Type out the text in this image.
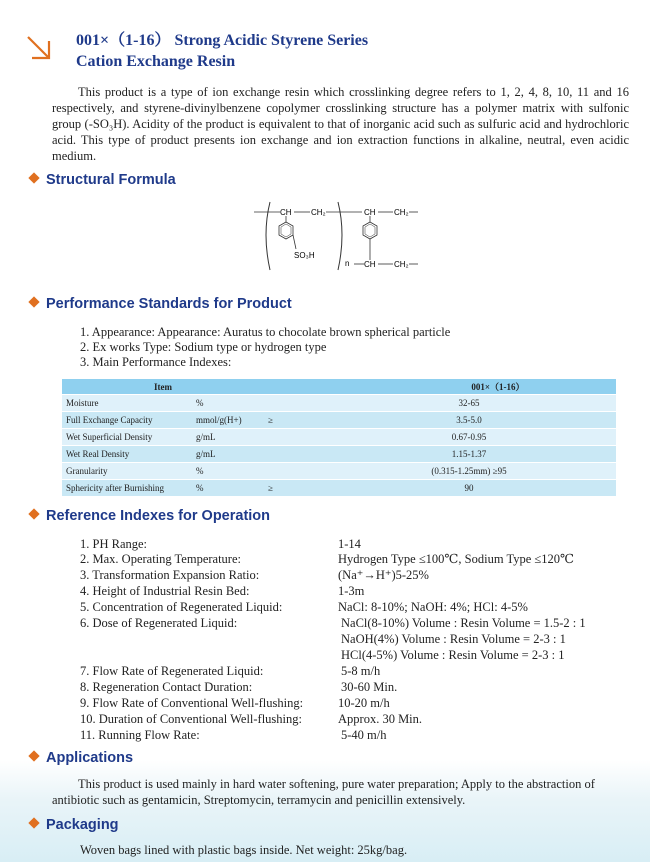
001×（1-16） Strong Acidic Styrene Series
Cation Exchange Resin
This product is a type of ion exchange resin which crosslinking degree refers to 1, 2, 4, 8, 10, 11 and 16 respectively, and styrene-divinylbenzene copolymer crosslinking structure has a polymer matrix with sulfonic group (-SO₃H). Acidity of the product is equivalent to that of inorganic acid such as sulfuric acid and hydrochloric acid. This type of product presents ion exchange and ion extraction functions in alkaline, neutral, even acidic medium.
Structural Formula
CH CH₂
SO₃H
n
CH CH₂
CH CH₂
Performance Standards for Product
1. Appearance: Appearance: Auratus to chocolate brown spherical particle
2. Ex works Type: Sodium type or hydrogen type
3. Main Performance Indexes:
Item		001×（1-16）	
Moisture	%		32-65
Full Exchange Capacity	mmol/g(H+)	≥	3.5-5.0
Wet Superficial Density	g/mL		0.67-0.95
Wet Real Density	g/mL		1.15-1.37
Granularity	%		(0.315-1.25mm) ≥95
Sphericity after Burnishing	%	≥	90
Reference Indexes for Operation
1. PH Range:	1-14
2. Max. Operating Temperature:	Hydrogen Type ≤100℃, Sodium Type ≤120℃
3. Transformation Expansion Ratio:	(Na⁺→H⁺)5-25%
4. Height of Industrial Resin Bed:	1-3m
5. Concentration of Regenerated Liquid:	NaCl: 8-10%; NaOH: 4%; HCl: 4-5%
6. Dose of Regenerated Liquid:	NaCl(8-10%) Volume : Resin Volume = 1.5-2 : 1
NaOH(4%) Volume : Resin Volume = 2-3 : 1
HCl(4-5%) Volume : Resin Volume = 2-3 : 1
7. Flow Rate of Regenerated Liquid:	5-8 m/h
8. Regeneration Contact Duration:	30-60 Min.
9. Flow Rate of Conventional Well-flushing:	10-20 m/h
10. Duration of Conventional Well-flushing:	Approx. 30 Min.
11. Running Flow Rate:	5-40 m/h
Applications
This product is used mainly in hard water softening, pure water preparation; Apply to the abstraction of antibiotic such as gentamicin, Streptomycin, terramycin and penicillin extensively.
Packaging
Woven bags lined with plastic bags inside. Net weight: 25kg/bag.
